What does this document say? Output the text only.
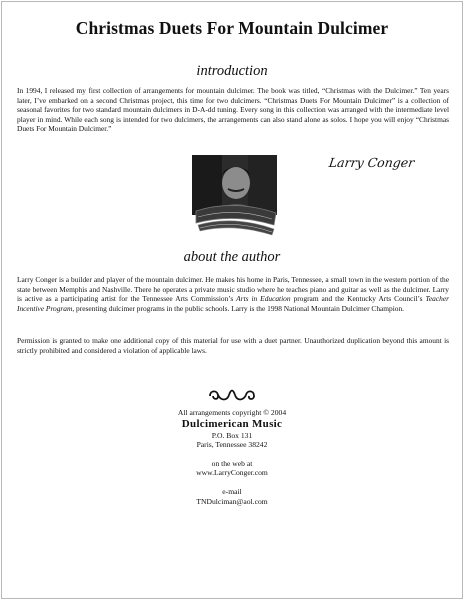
Christmas Duets For Mountain Dulcimer
introduction

In 1994, I released my first collection of arrangements for mountain dulcimer. The book was titled, “Christmas with the Dulcimer.” Ten years later, I’ve embarked on a second Christmas project, this time for two dulcimers. “Christmas Duets For Mountain Dulcimer” is a collection of seasonal favorites for two standard mountain dulcimers in D-A-dd tuning. Every song in this collection was arranged with the intermediate level player in mind. While each song is intended for two dulcimers, the arrangements can also stand alone as solos. I hope you will enjoy “Christmas Duets For Mountain Dulcimer.”

Larry Conger
about the author

Larry Conger is a builder and player of the mountain dulcimer. He makes his home in Paris, Tennessee, a small town in the western portion of the state between Memphis and Nashville. There he operates a private music studio where he teaches piano and guitar as well as the dulcimer. Larry is active as a participating artist for the Tennessee Arts Commission’s Arts in Education program and the Kentucky Arts Council’s Teacher Incentive Program, presenting dulcimer programs in the public schools. Larry is the 1998 National Mountain Dulcimer Champion.

Permission is granted to make one additional copy of this material for use with a duet partner. Unauthorized duplication beyond this amount is strictly prohibited and considered a violation of applicable laws.

All arrangements copyright © 2004
Dulcimerican Music
P.O. Box 131
Paris, Tennessee 38242
on the web at
www.LarryConger.com
e-mail
TNDulciman@aol.com
